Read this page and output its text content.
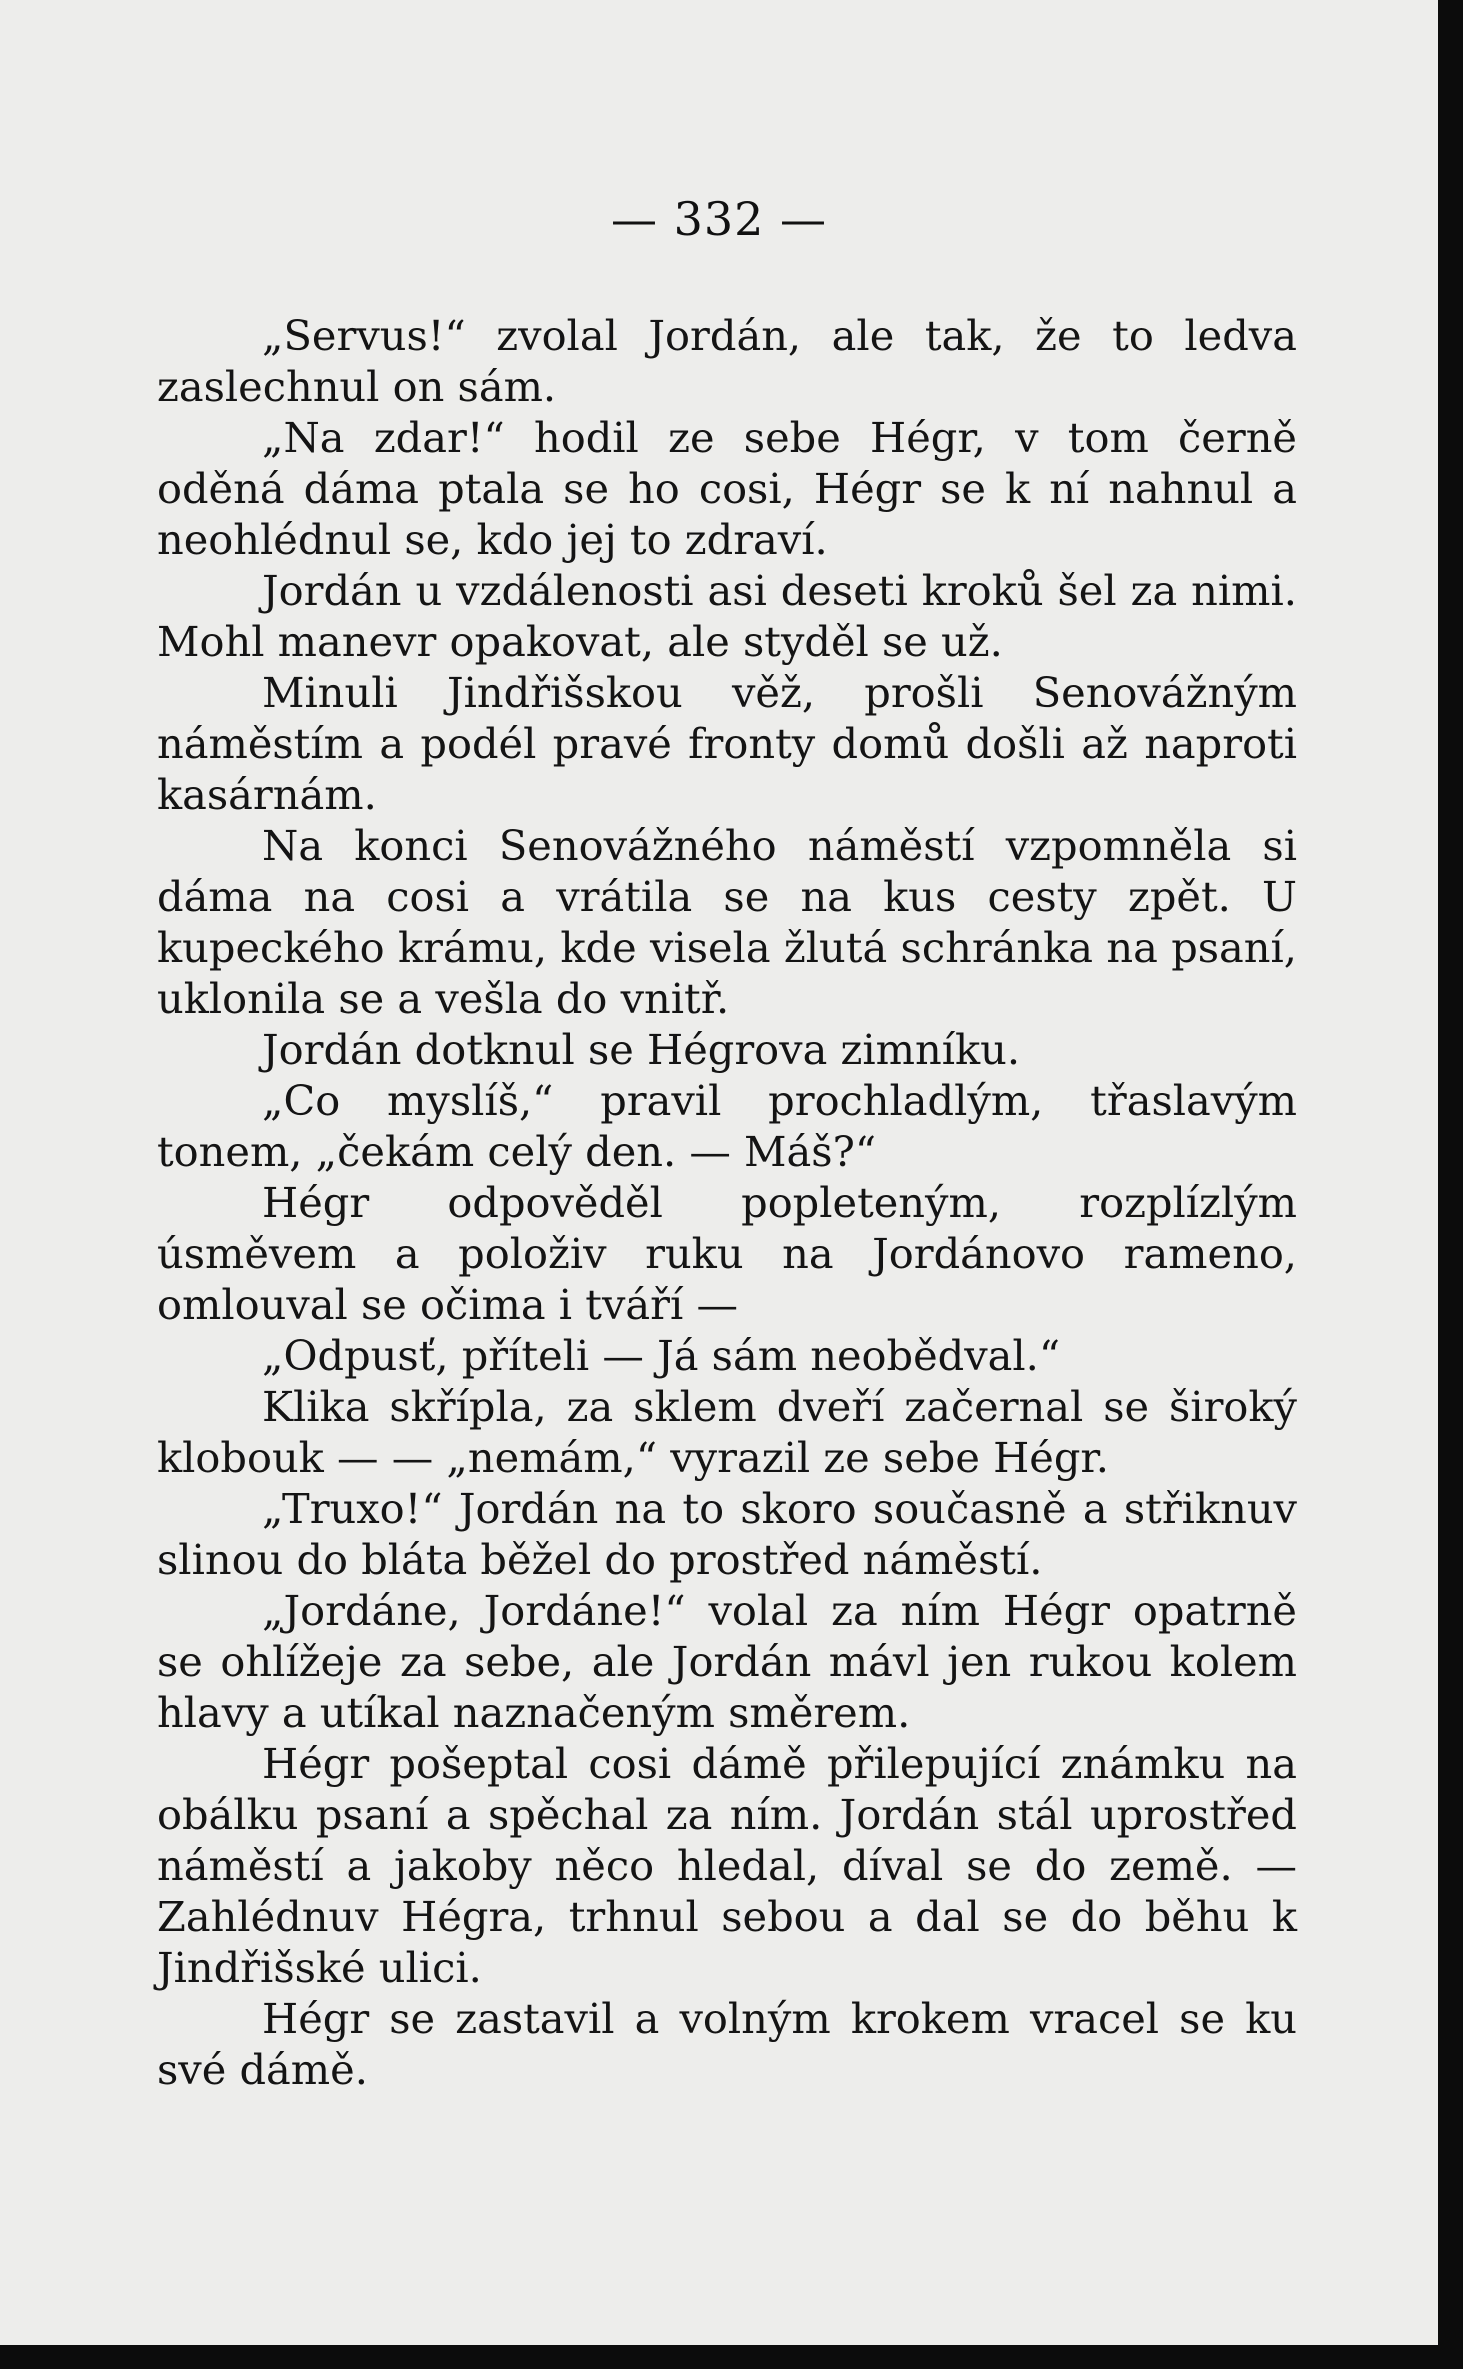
— 332 —

„Servus!“ zvolal Jordán, ale tak, že to ledva zaslechnul on sám.

„Na zdar!“ hodil ze sebe Hégr, v tom černě oděná dáma ptala se ho cosi, Hégr se k ní nahnul a neohlédnul se, kdo jej to zdraví.

Jordán u vzdálenosti asi deseti kroků šel za nimi. Mohl manevr opakovat, ale styděl se už.

Minuli Jindřišskou věž, prošli Senovážným náměstím a podél pravé fronty domů došli až naproti kasárnám.

Na konci Senovážného náměstí vzpomněla si dáma na cosi a vrátila se na kus cesty zpět. U kupeckého krámu, kde visela žlutá schránka na psaní, uklonila se a vešla do vnitř.

Jordán dotknul se Hégrova zimníku.

„Co myslíš,“ pravil prochladlým, třaslavým tonem, „čekám celý den. — Máš?“

Hégr odpověděl popleteným, rozplízlým úsměvem a položiv ruku na Jordánovo rameno, omlouval se očima i tváří —

„Odpusť, příteli — Já sám neobědval.“

Klika skřípla, za sklem dveří začernal se široký klobouk — — „nemám,“ vyrazil ze sebe Hégr.

„Truxo!“ Jordán na to skoro současně a střiknuv slinou do bláta běžel do prostřed náměstí.

„Jordáne, Jordáne!“ volal za ním Hégr opatrně se ohlížeje za sebe, ale Jordán mávl jen rukou kolem hlavy a utíkal naznačeným směrem.

Hégr pošeptal cosi dámě přilepující známku na obálku psaní a spěchal za ním. Jordán stál uprostřed náměstí a jakoby něco hledal, díval se do země. — Zahlédnuv Hégra, trhnul sebou a dal se do běhu k Jindřišské ulici.

Hégr se zastavil a volným krokem vracel se ku své dámě.
